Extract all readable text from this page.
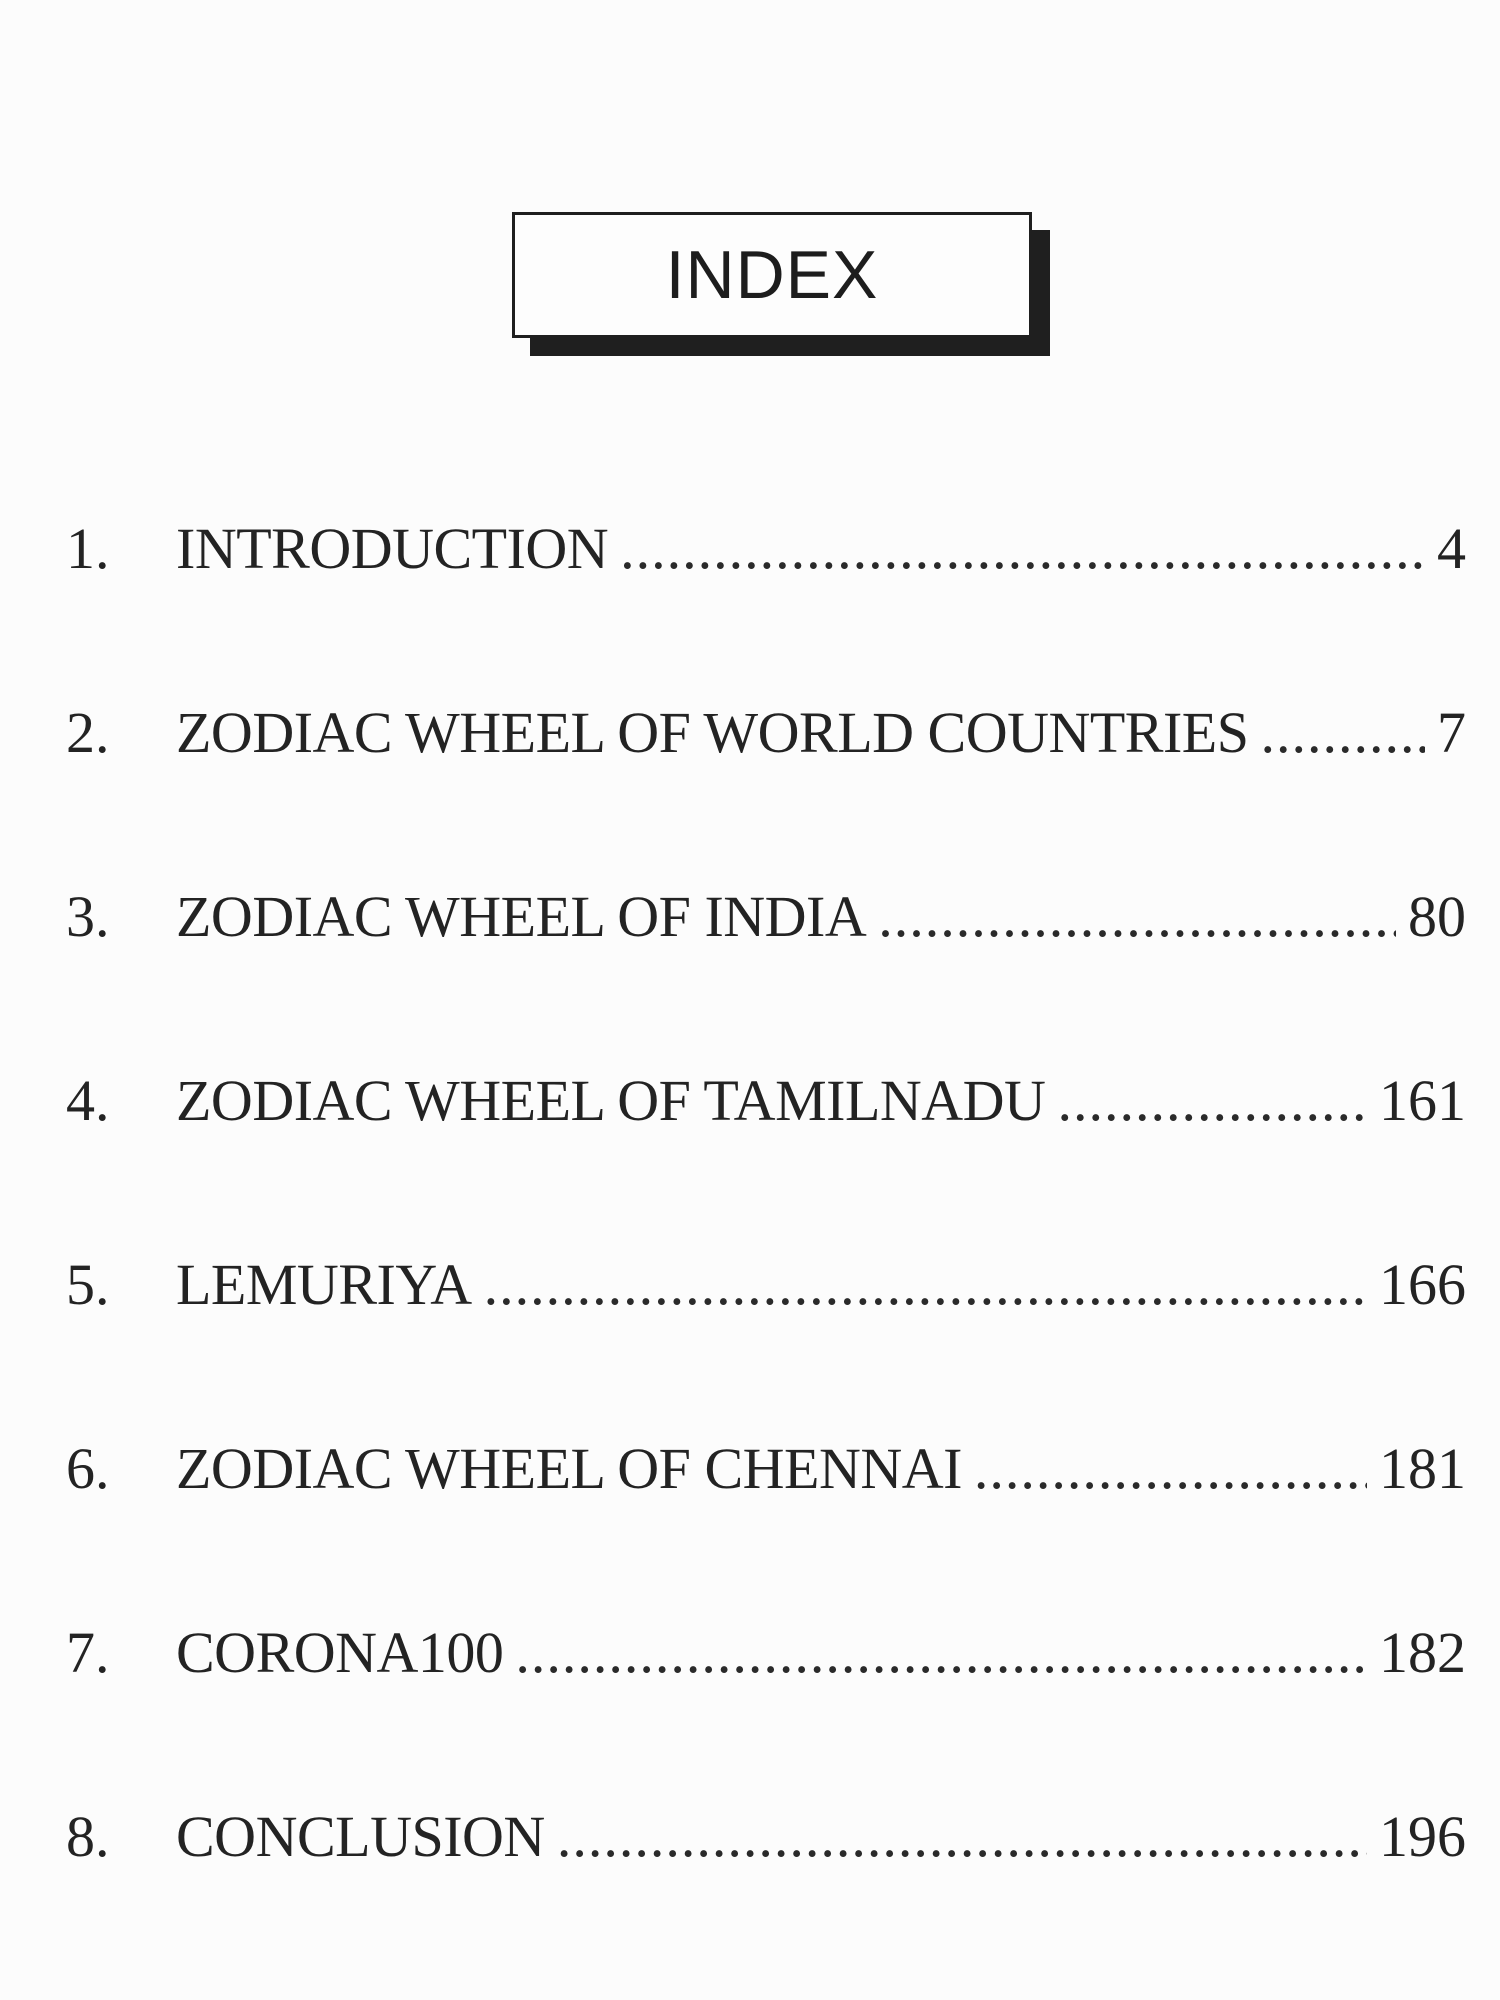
INDEX
1.	INTRODUCTION .....	4
2.	ZODIAC WHEEL OF WORLD COUNTRIES .....	7
3.	ZODIAC WHEEL OF INDIA .....	80
4.	ZODIAC WHEEL OF TAMILNADU .....	161
5.	LEMURIYA .....	166
6.	ZODIAC WHEEL OF CHENNAI .....	181
7.	CORONA100 .....	182
8.	CONCLUSION .....	196
